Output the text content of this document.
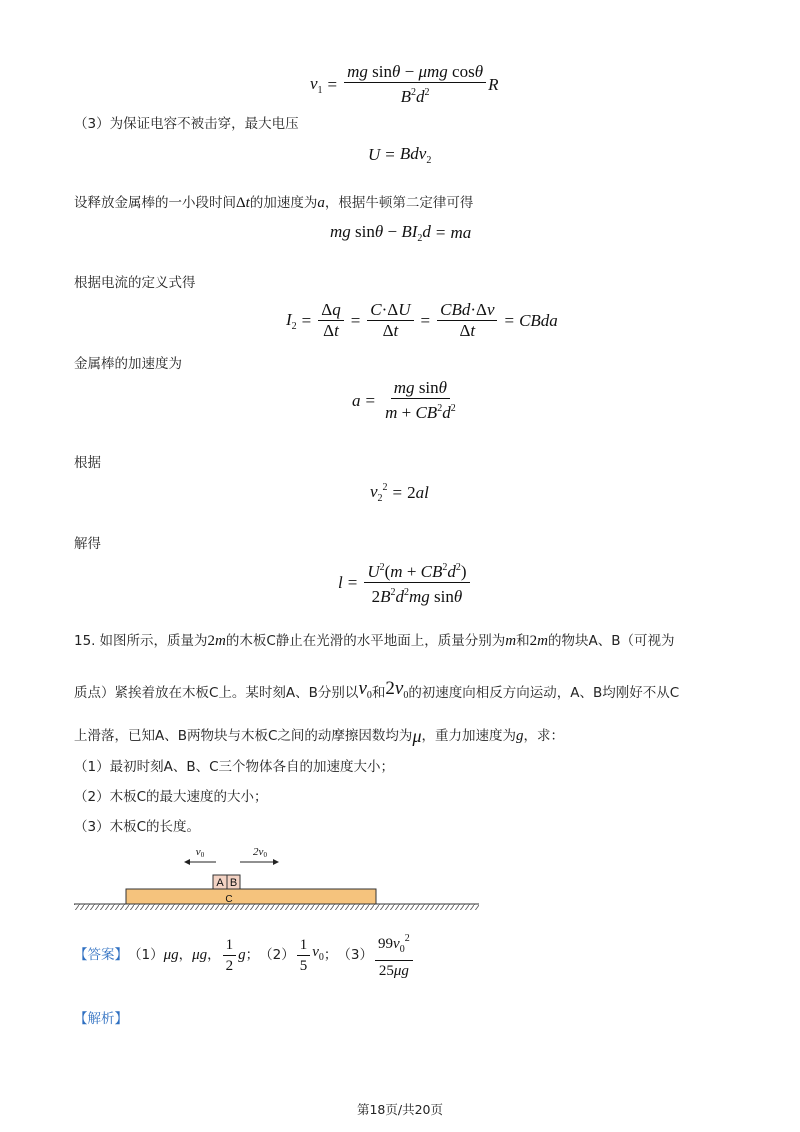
$v_1 = \frac{\text{mg sinθ − μmg cosθ}}{B^2d^2}$ R
（3）为保证电容不被击穿，最大电压
U = Bdv$_2$
设释放金属棒的一小段时间 Δt 的加速度为 a ，根据牛顿第二定律可得
mg $\sin\theta - BI_2d$ = ma
根据电流的定义式得
$I_2 = \frac{\Delta q}{\Delta t} = \frac{C\cdot\Delta U}{\Delta t} = \frac{\text{CBd·Δv}}{\Delta t}$ = CBda
金属棒的加速度为
$a = \frac{\text{mg sinθ}}{m + CB^2d^2}$
根据
$v_2^2 = 2al$
解得
$l = \frac{U^2(m + CB^2d^2)}{2B^2d^2mg \sin\theta}$
15. 如图所示，质量为 2m 的木板C静止在光滑的水平地面上，质量分别为 m 和 2m 的物块A、B（可视为
质点）紧挨着放在木板C上。某时刻A、B分别以 $v_0$ 和 $2v_0$ 的初速度向相反方向运动，A、B均刚好不从C
上滑落，已知A、B两物块与木板C之间的动摩擦因数均为 μ ，重力加速度为 g ，求：
（1）最初时刻A、B、C三个物体各自的加速度大小；
（2）木板C的最大速度的大小；
（3）木板C的长度。
A B
C
v0	2v0
【答案】 （1） μg ， μg ， $\frac{1}{2}$ g ； $(2) \frac{1}{5} v_0$ ； $(3) \frac{99v_0^2}{25\mu g}$
【解析】
第18页/共20页
